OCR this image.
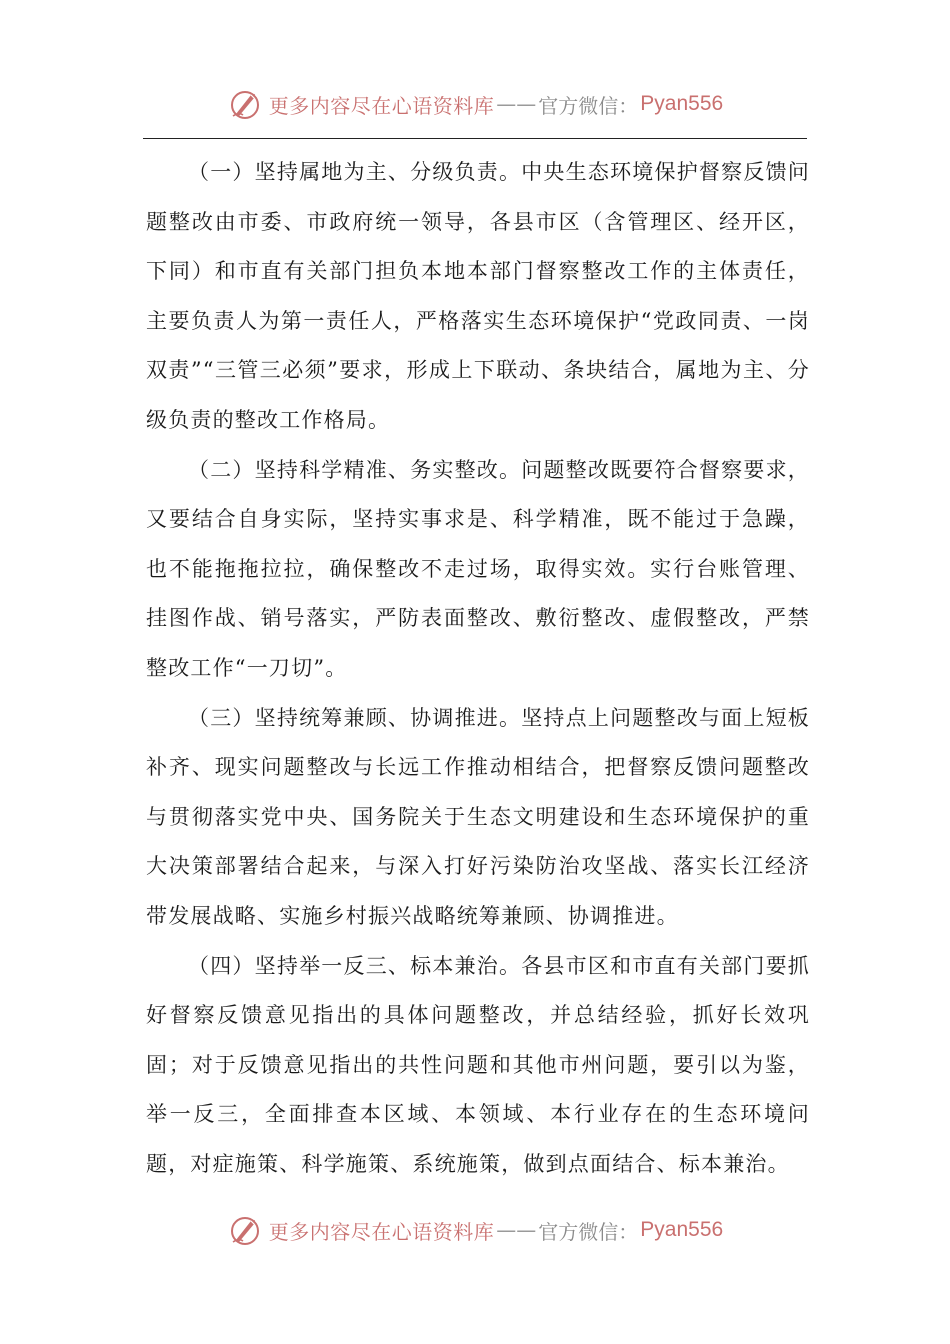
更多内容尽在心语资料库 —— 官方微信： Pyan556

（一）坚持属地为主、分级负责。中央生态环境保护督察反馈问题整改由市委、市政府统一领导，各县市区（含管理区、经开区，下同）和市直有关部门担负本地本部门督察整改工作的主体责任，主要负责人为第一责任人，严格落实生态环境保护“党政同责、一岗双责”“三管三必须”要求，形成上下联动、条块结合，属地为主、分级负责的整改工作格局。

（二）坚持科学精准、务实整改。问题整改既要符合督察要求，又要结合自身实际，坚持实事求是、科学精准，既不能过于急躁，也不能拖拖拉拉，确保整改不走过场，取得实效。实行台账管理、挂图作战、销号落实，严防表面整改、敷衍整改、虚假整改，严禁整改工作“一刀切”。

（三）坚持统筹兼顾、协调推进。坚持点上问题整改与面上短板补齐、现实问题整改与长远工作推动相结合，把督察反馈问题整改与贯彻落实党中央、国务院关于生态文明建设和生态环境保护的重大决策部署结合起来，与深入打好污染防治攻坚战、落实长江经济带发展战略、实施乡村振兴战略统筹兼顾、协调推进。

（四）坚持举一反三、标本兼治。各县市区和市直有关部门要抓好督察反馈意见指出的具体问题整改，并总结经验，抓好长效巩固；对于反馈意见指出的共性问题和其他市州问题，要引以为鉴，举一反三，全面排查本区域、本领域、本行业存在的生态环境问题，对症施策、科学施策、系统施策，做到点面结合、标本兼治。

更多内容尽在心语资料库 —— 官方微信： Pyan556
